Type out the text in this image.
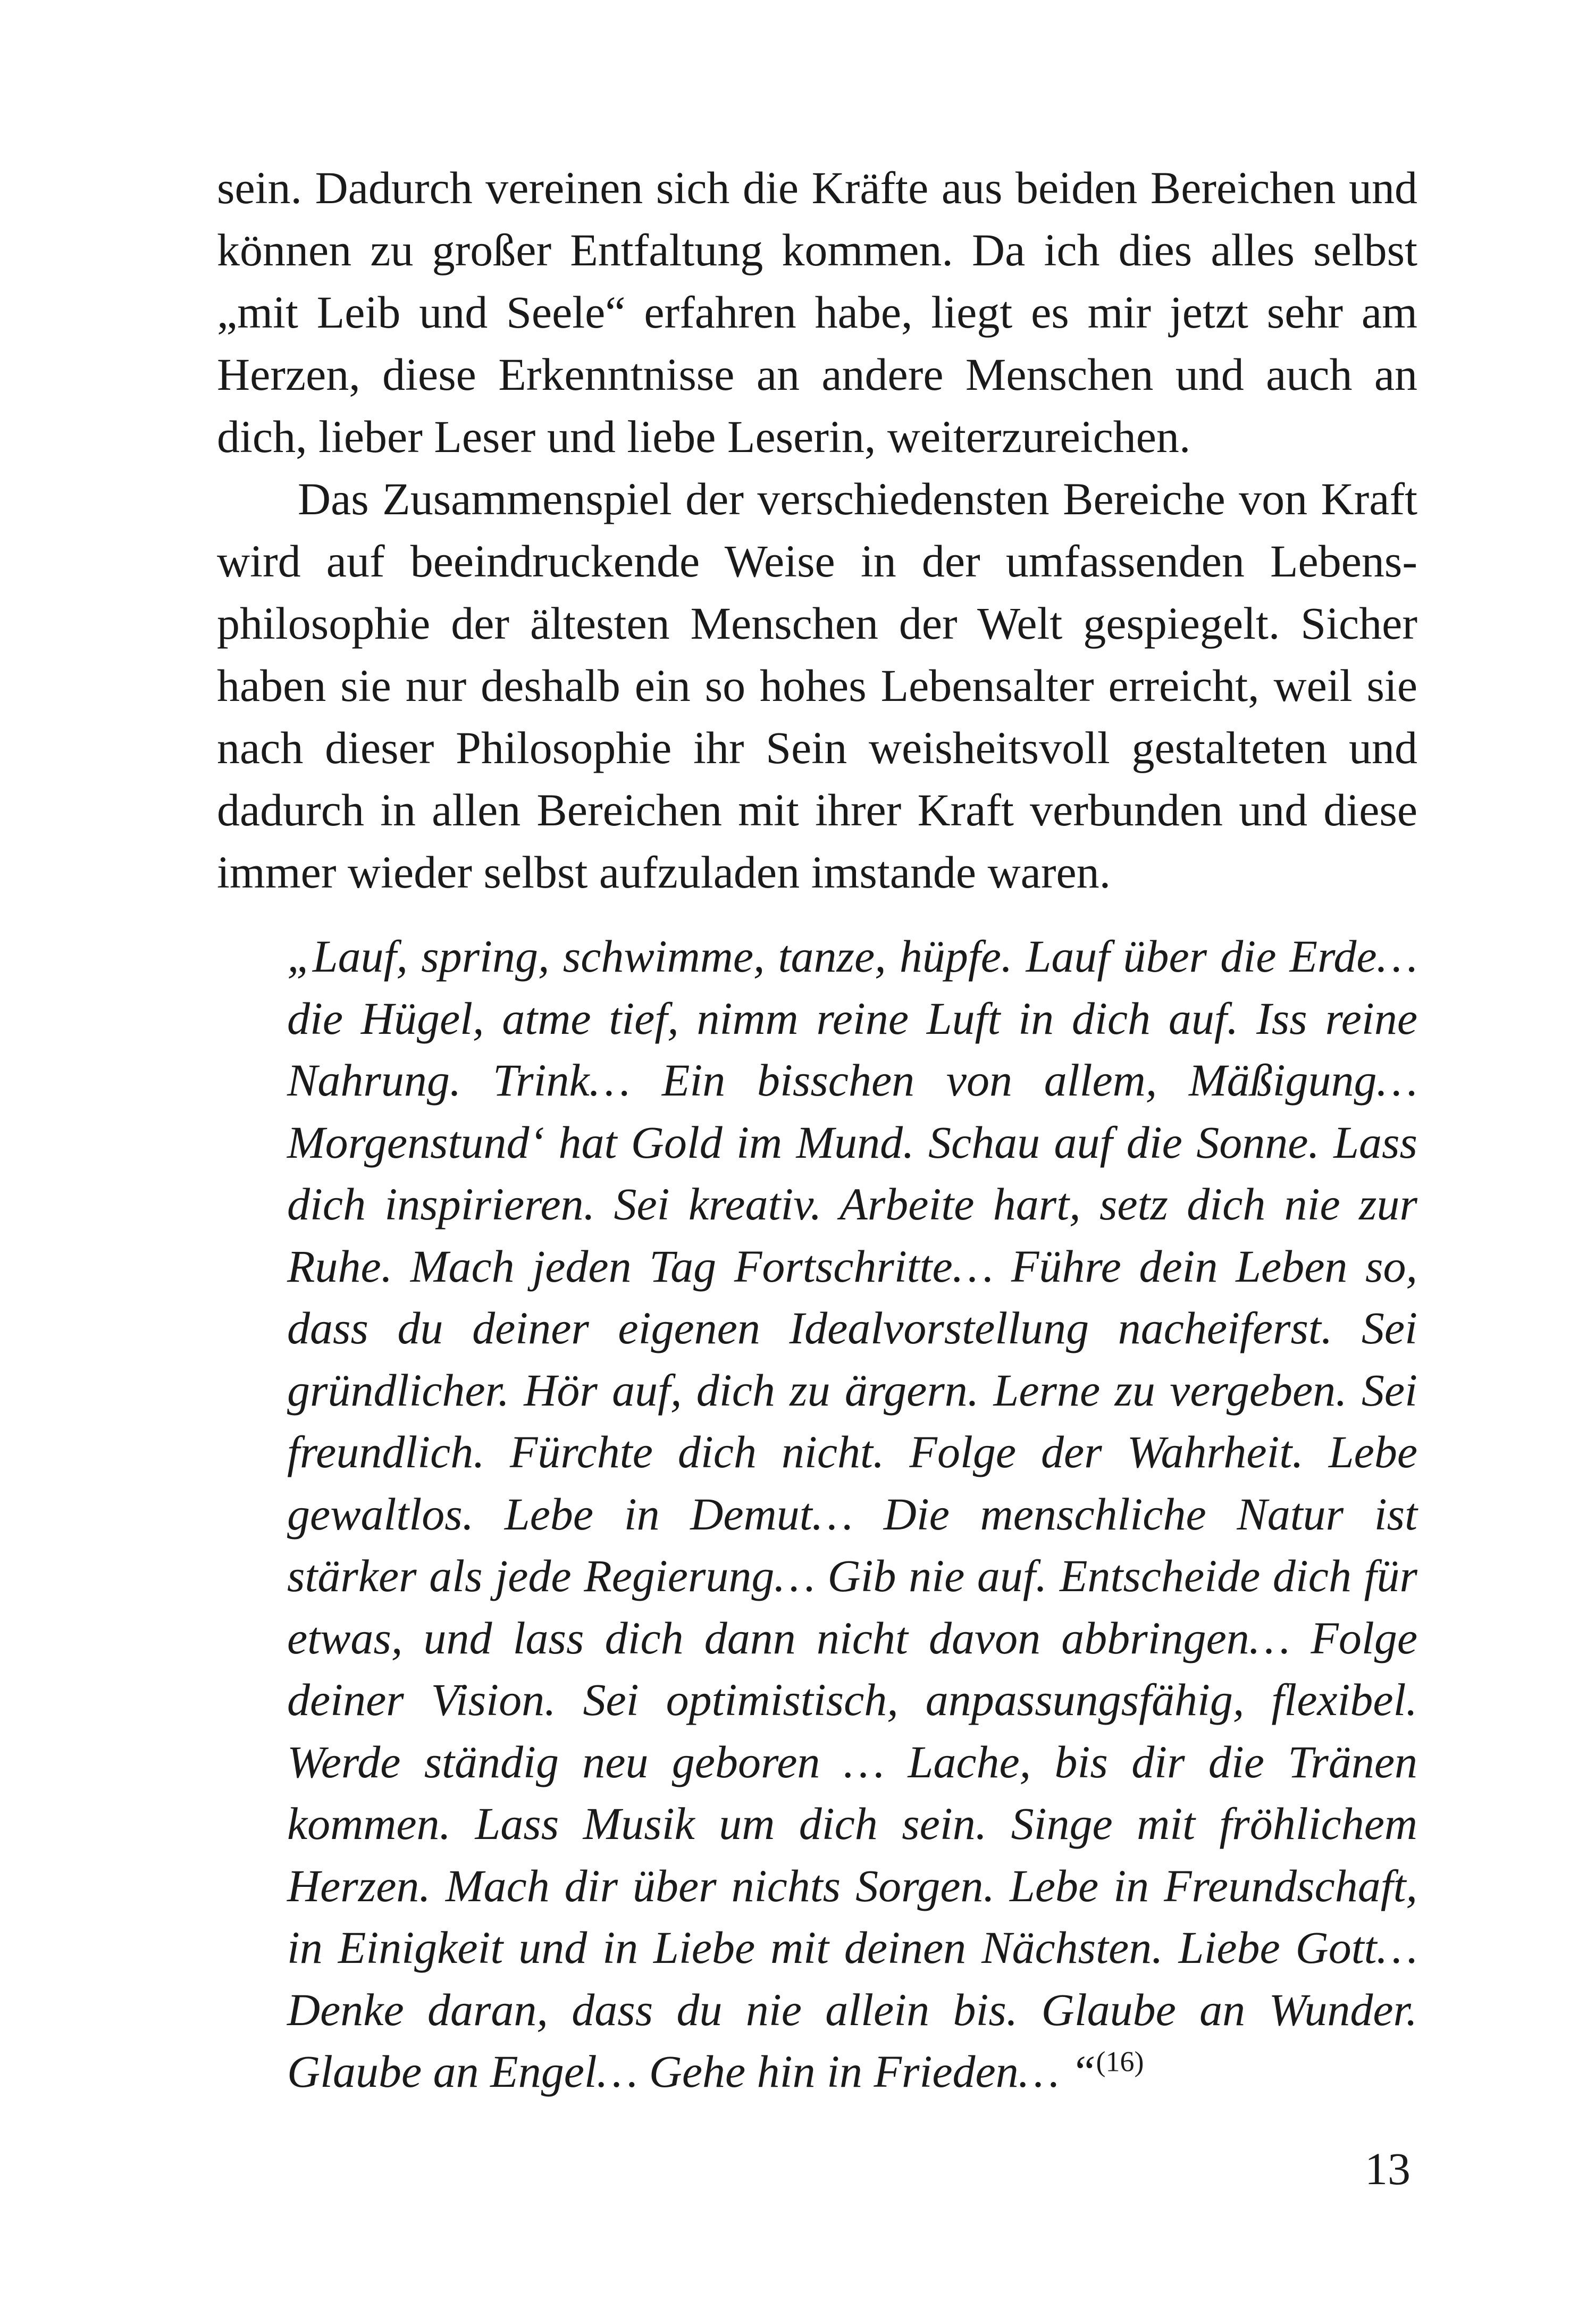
sein. Dadurch vereinen sich die Kräfte aus beiden Bereichen und können zu großer Entfaltung kommen. Da ich dies alles selbst „mit Leib und Seele“ erfahren habe, liegt es mir jetzt sehr am Herzen, diese Erkenntnisse an andere Menschen und auch an dich, lieber Leser und liebe Leserin, weiterzureichen.

Das Zusammenspiel der verschiedensten Bereiche von Kraft wird auf beeindruckende Weise in der umfassenden Lebensphilosophie der ältesten Menschen der Welt gespiegelt. Sicher haben sie nur deshalb ein so hohes Lebensalter erreicht, weil sie nach dieser Philosophie ihr Sein weisheitsvoll gestalteten und dadurch in allen Bereichen mit ihrer Kraft verbunden und diese immer wieder selbst aufzuladen imstande waren.

„Lauf, spring, schwimme, tanze, hüpfe. Lauf über die Erde… die Hügel, atme tief, nimm reine Luft in dich auf. Iss reine Nahrung. Trink… Ein bisschen von allem, Mäßigung… Morgenstund‘ hat Gold im Mund. Schau auf die Sonne. Lass dich inspirieren. Sei kreativ. Arbeite hart, setz dich nie zur Ruhe. Mach jeden Tag Fortschritte… Führe dein Leben so, dass du deiner eigenen Idealvorstellung nacheiferst. Sei gründlicher. Hör auf, dich zu ärgern. Lerne zu vergeben. Sei freundlich. Fürchte dich nicht. Folge der Wahrheit. Lebe gewaltlos. Lebe in Demut… Die menschliche Natur ist stärker als jede Regierung… Gib nie auf. Entscheide dich für etwas, und lass dich dann nicht davon abbringen… Folge deiner Vision. Sei optimistisch, anpassungsfähig, flexibel. Werde ständig neu geboren … Lache, bis dir die Tränen kommen. Lass Musik um dich sein. Singe mit fröhlichem Herzen. Mach dir über nichts Sorgen. Lebe in Freundschaft, in Einigkeit und in Liebe mit deinen Nächsten. Liebe Gott… Denke daran, dass du nie allein bis. Glaube an Wunder. Glaube an Engel… Gehe hin in Frieden… “$^{(16)}$

13
